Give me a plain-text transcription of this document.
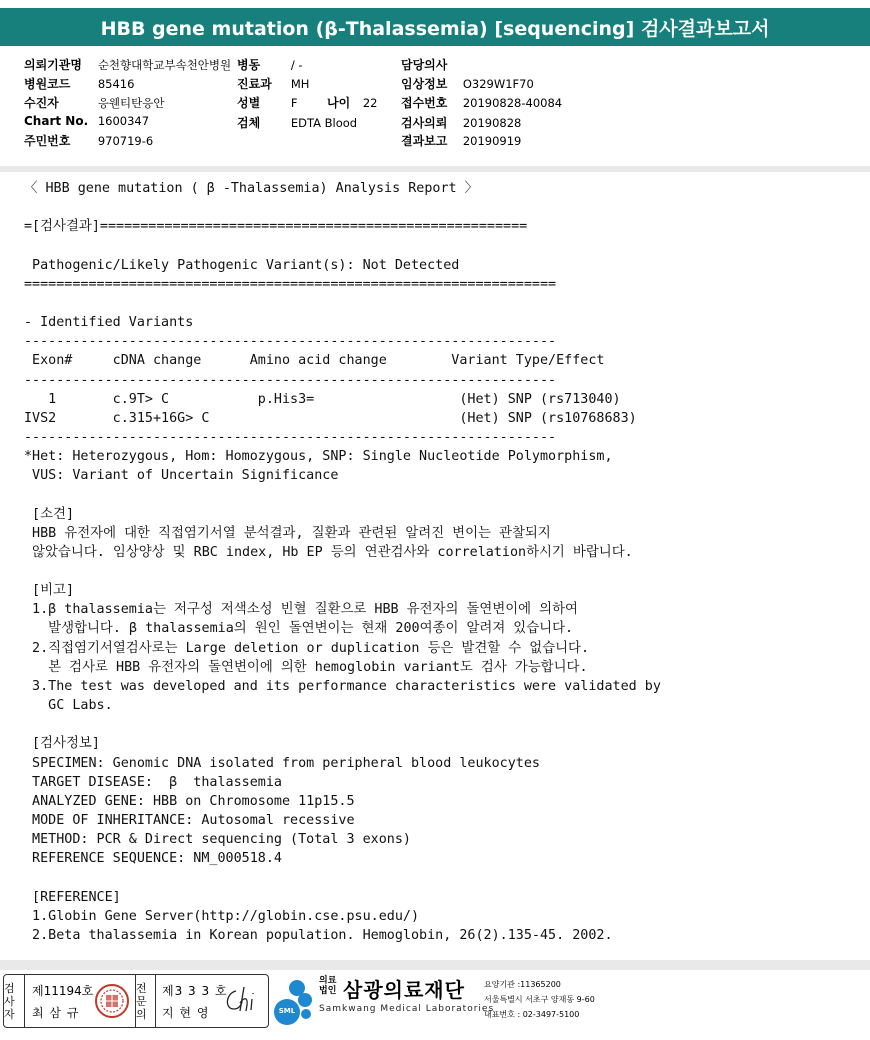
HBB gene mutation (β-Thalassemia) [sequencing] 검사결과보고서
의뢰기관명 순천향대학교부속천안병원
병원코드 85416
수진자	응웬티탄응안
Chart No. 1600347
주민번호 970719-6
병동	/ -
진료과 MH
성별	F 나이 22
검체	EDTA Blood
담당의사
임상정보 O329W1F70
접수번호 20190828-40084
검사의뢰 20190828
결과보고 20190919
〈 HBB gene mutation ( β -Thalassemia) Analysis Report 〉
=[검사결과]=====================================================
Pathogenic/Likely Pathogenic Variant(s): Not Detected
==================================================================
- Identified Variants
------------------------------------------------------------------
Exon#     cDNA change      Amino acid change        Variant Type/Effect
------------------------------------------------------------------
1       c.9T> C           p.His3=                  (Het) SNP (rs713040)
IVS2       c.315+16G> C                               (Het) SNP (rs10768683)
------------------------------------------------------------------
*Het: Heterozygous, Hom: Homozygous, SNP: Single Nucleotide Polymorphism,
VUS: Variant of Uncertain Significance
[소견]
HBB 유전자에 대한 직접염기서열 분석결과, 질환과 관련된 알려진 변이는 관찰되지
않았습니다. 임상양상 및 RBC index, Hb EP 등의 연관검사와 correlation하시기 바랍니다.
[비고]
1.β thalassemia는 저구성 저색소성 빈혈 질환으로 HBB 유전자의 돌연변이에 의하여
발생합니다. β thalassemia의 원인 돌연변이는 현재 200여종이 알려져 있습니다.
2.직접염기서열검사로는 Large deletion or duplication 등은 발견할 수 없습니다.
본 검사로 HBB 유전자의 돌연변이에 의한 hemoglobin variant도 검사 가능합니다.
3.The test was developed and its performance characteristics were validated by
GC Labs.
[검사정보]
SPECIMEN: Genomic DNA isolated from peripheral blood leukocytes
TARGET DISEASE:  β  thalassemia
ANALYZED GENE: HBB on Chromosome 11p15.5
MODE OF INHERITANCE: Autosomal recessive
METHOD: PCR & Direct sequencing (Total 3 exons)
REFERENCE SEQUENCE: NM_000518.4
[REFERENCE]
1.Globin Gene Server(http://globin.cse.psu.edu/)
2.Beta thalassemia in Korean population. Hemoglobin, 26(2).135-45. 2002.
검사자
제11194호
최 삼 규
전문의
제3 3 3 호
지 현 영	SML
의료법인 삼광의료재단
Samkwang Medical Laboratories
요양기관 :11365200
서울특별시 서초구 양재동 9-60
대표번호 : 02-3497-5100
